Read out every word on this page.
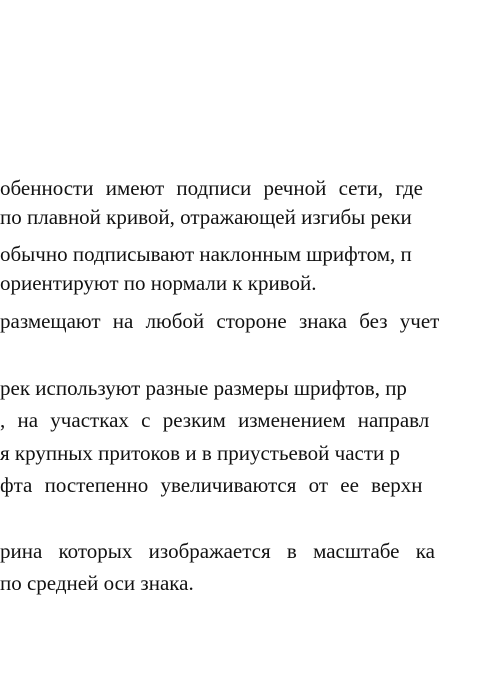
обенности имеют подписи речной сети, где
по плавной кривой, отражающей изгибы реки
обычно подписывают наклонным шрифтом, п
ориентируют по нормали к кривой.
размещают на любой стороне знака без учет
рек используют разные размеры шрифтов, пр
, на участках с резким изменением направл
я крупных притоков и в приустьевой части р
фта постепенно увеличиваются от ее верхн
рина которых изображается в масштабе ка
по средней оси знака.
